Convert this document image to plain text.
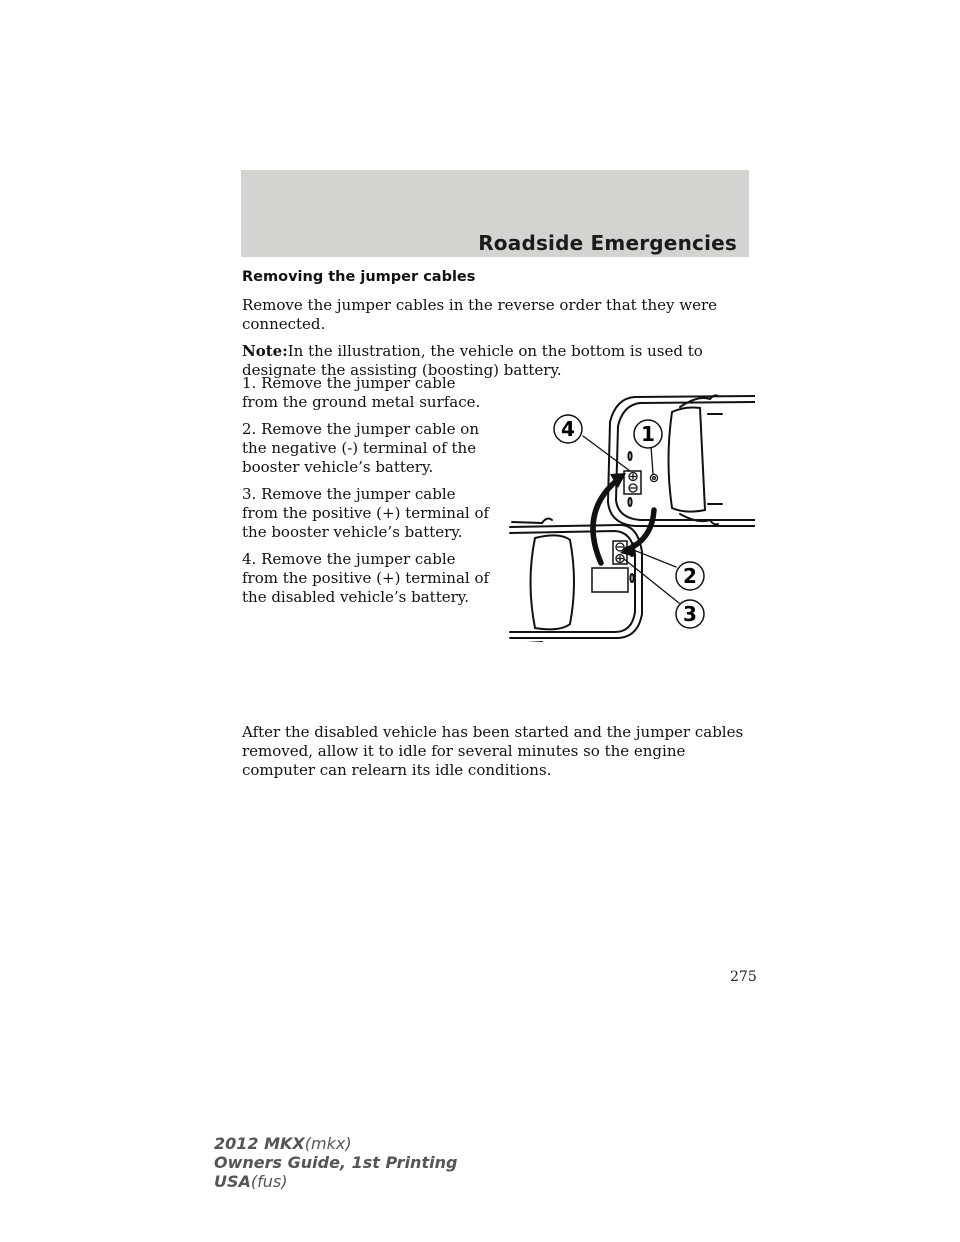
Roadside Emergencies
Removing the jumper cables

Remove the jumper cables in the reverse order that they were connected.

Note:In the illustration, the vehicle on the bottom is used to designate the assisting (boosting) battery.

1. Remove the jumper cable from the ground metal surface.

2. Remove the jumper cable on the negative (-) terminal of the booster vehicle’s battery.

3. Remove the jumper cable from the positive (+) terminal of the booster vehicle’s battery.

4. Remove the jumper cable from the positive (+) terminal of the disabled vehicle’s battery.

4	1
2
3

After the disabled vehicle has been started and the jumper cables removed, allow it to idle for several minutes so the engine computer can relearn its idle conditions.

275
2012 MKX(mkx)
Owners Guide, 1st Printing
USA(fus)
